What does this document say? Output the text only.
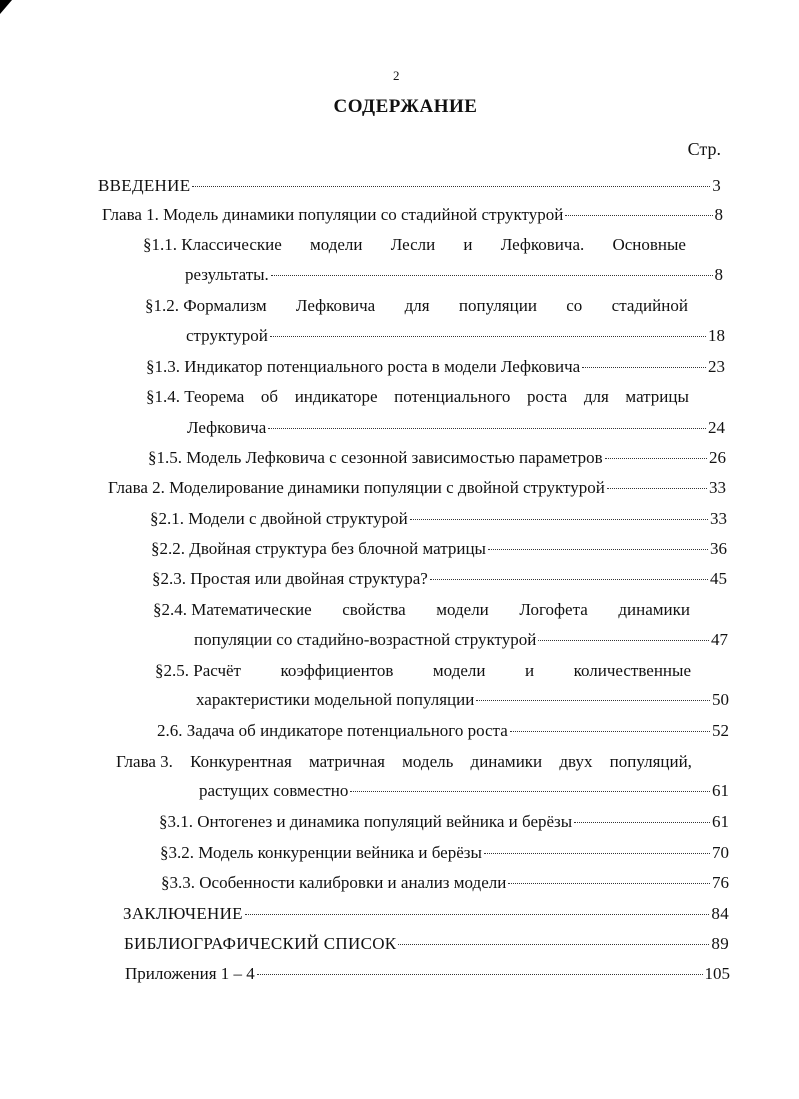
2
СОДЕРЖАНИЕ
Стр.
ВВЕДЕНИЕ	3
Глава 1. Модель динамики популяции со стадийной структурой	8
§1.1. Классические модели Лесли и Лефковича. Основные
результаты.	8
§1.2. Формализм Лефковича для популяции со стадийной
структурой	18
§1.3. Индикатор потенциального роста в модели Лефковича	23
§1.4. Теорема об индикаторе потенциального роста для матрицы
Лефковича	24
§1.5. Модель Лефковича с сезонной зависимостью параметров	26
Глава 2. Моделирование динамики популяции с двойной структурой	33
§2.1. Модели с двойной структурой	33
§2.2. Двойная структура без блочной матрицы	36
§2.3. Простая или двойная структура?	45
§2.4. Математические свойства модели Логофета динамики
популяции со стадийно-возрастной структурой	47
§2.5. Расчёт коэффициентов модели и количественные
характеристики модельной популяции	50
2.6. Задача об индикаторе потенциального роста	52
Глава 3. Конкурентная матричная модель динамики двух популяций,
растущих совместно	61
§3.1. Онтогенез и динамика популяций вейника и берёзы	61
§3.2. Модель конкуренции вейника и берёзы	70
§3.3. Особенности калибровки и анализ модели	76
ЗАКЛЮЧЕНИЕ	84
БИБЛИОГРАФИЧЕСКИЙ СПИСОК	89
Приложения 1 – 4	105
